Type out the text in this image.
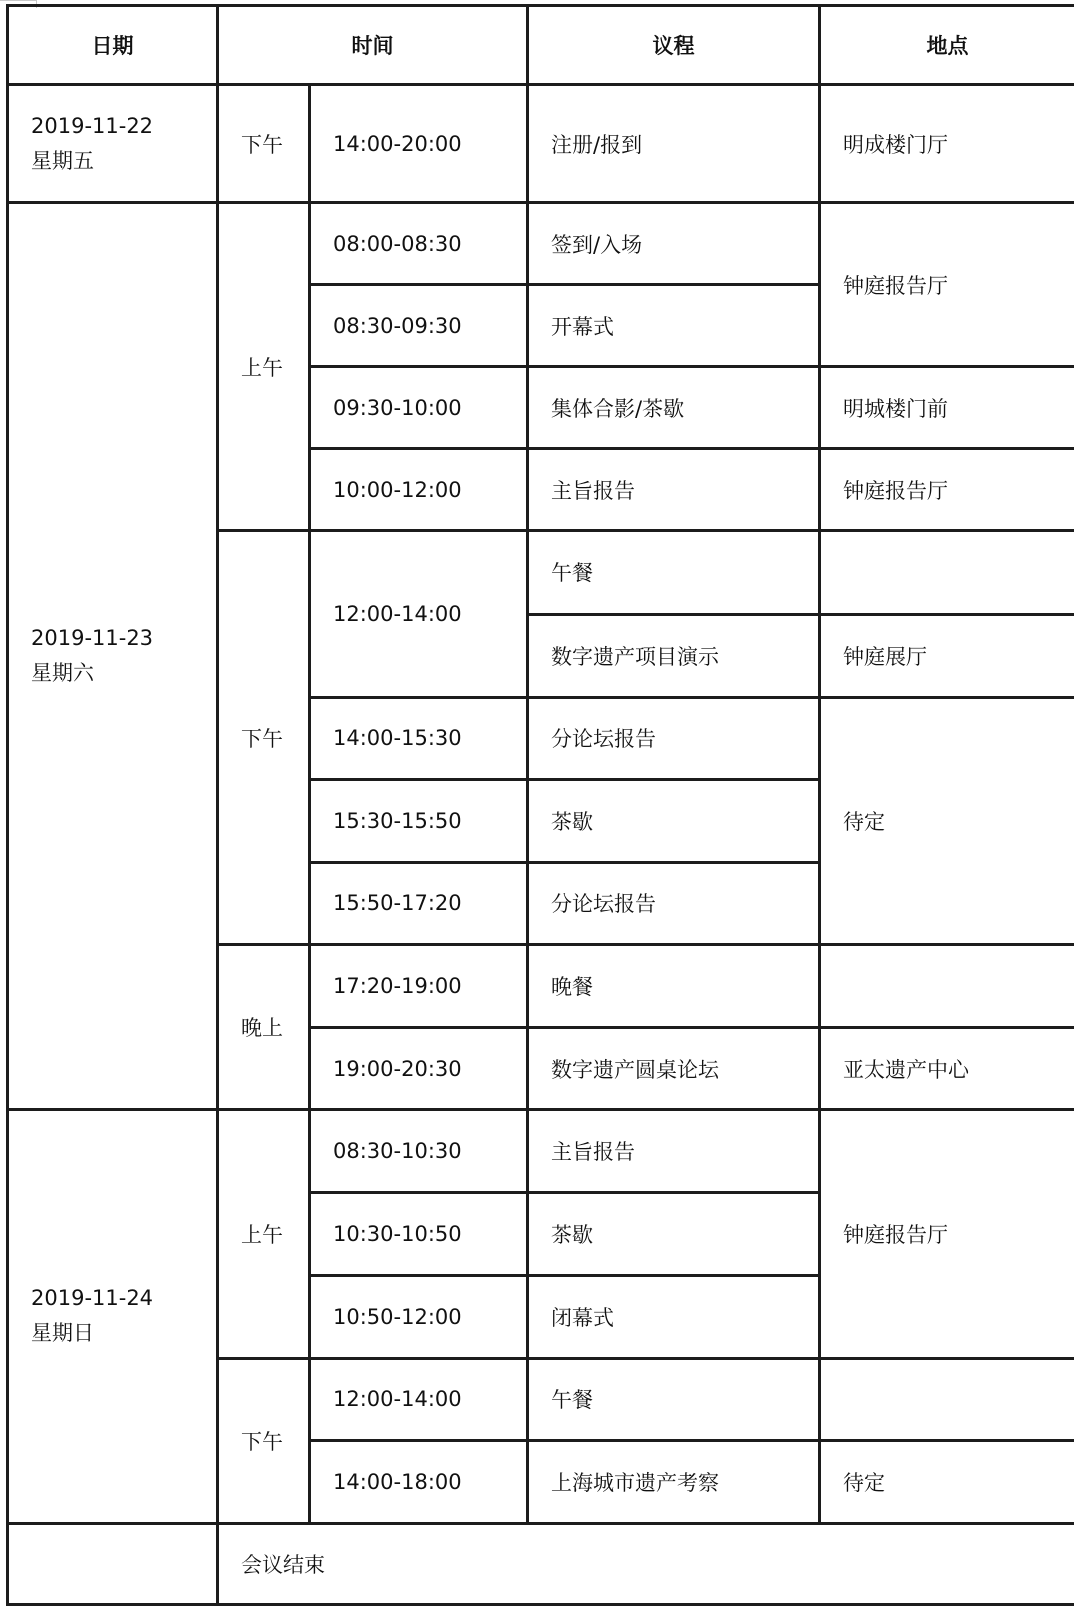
日期	时间		议程	地点

2019-11-22
星期五	下午	14:00-20:00	注册/报到	明成楼门厅

2019-11-23
星期六	上午	08:00-08:30	签到/入场	钟庭报告厅
		08:30-09:30	开幕式	
		09:30-10:00	集体合影/茶歇	明城楼门前
		10:00-12:00	主旨报告	钟庭报告厅
	下午	12:00-14:00	午餐	
			数字遗产项目演示	钟庭展厅
		14:00-15:30	分论坛报告	待定
		15:30-15:50	茶歇	
		15:50-17:20	分论坛报告	
	晚上	17:20-19:00	晚餐	
		19:00-20:30	数字遗产圆桌论坛	亚太遗产中心

2019-11-24
星期日	上午	08:30-10:30	主旨报告	钟庭报告厅
		10:30-10:50	茶歇	
		10:50-12:00	闭幕式	
	下午	12:00-14:00	午餐	
		14:00-18:00	上海城市遗产考察	待定
	会议结束			
